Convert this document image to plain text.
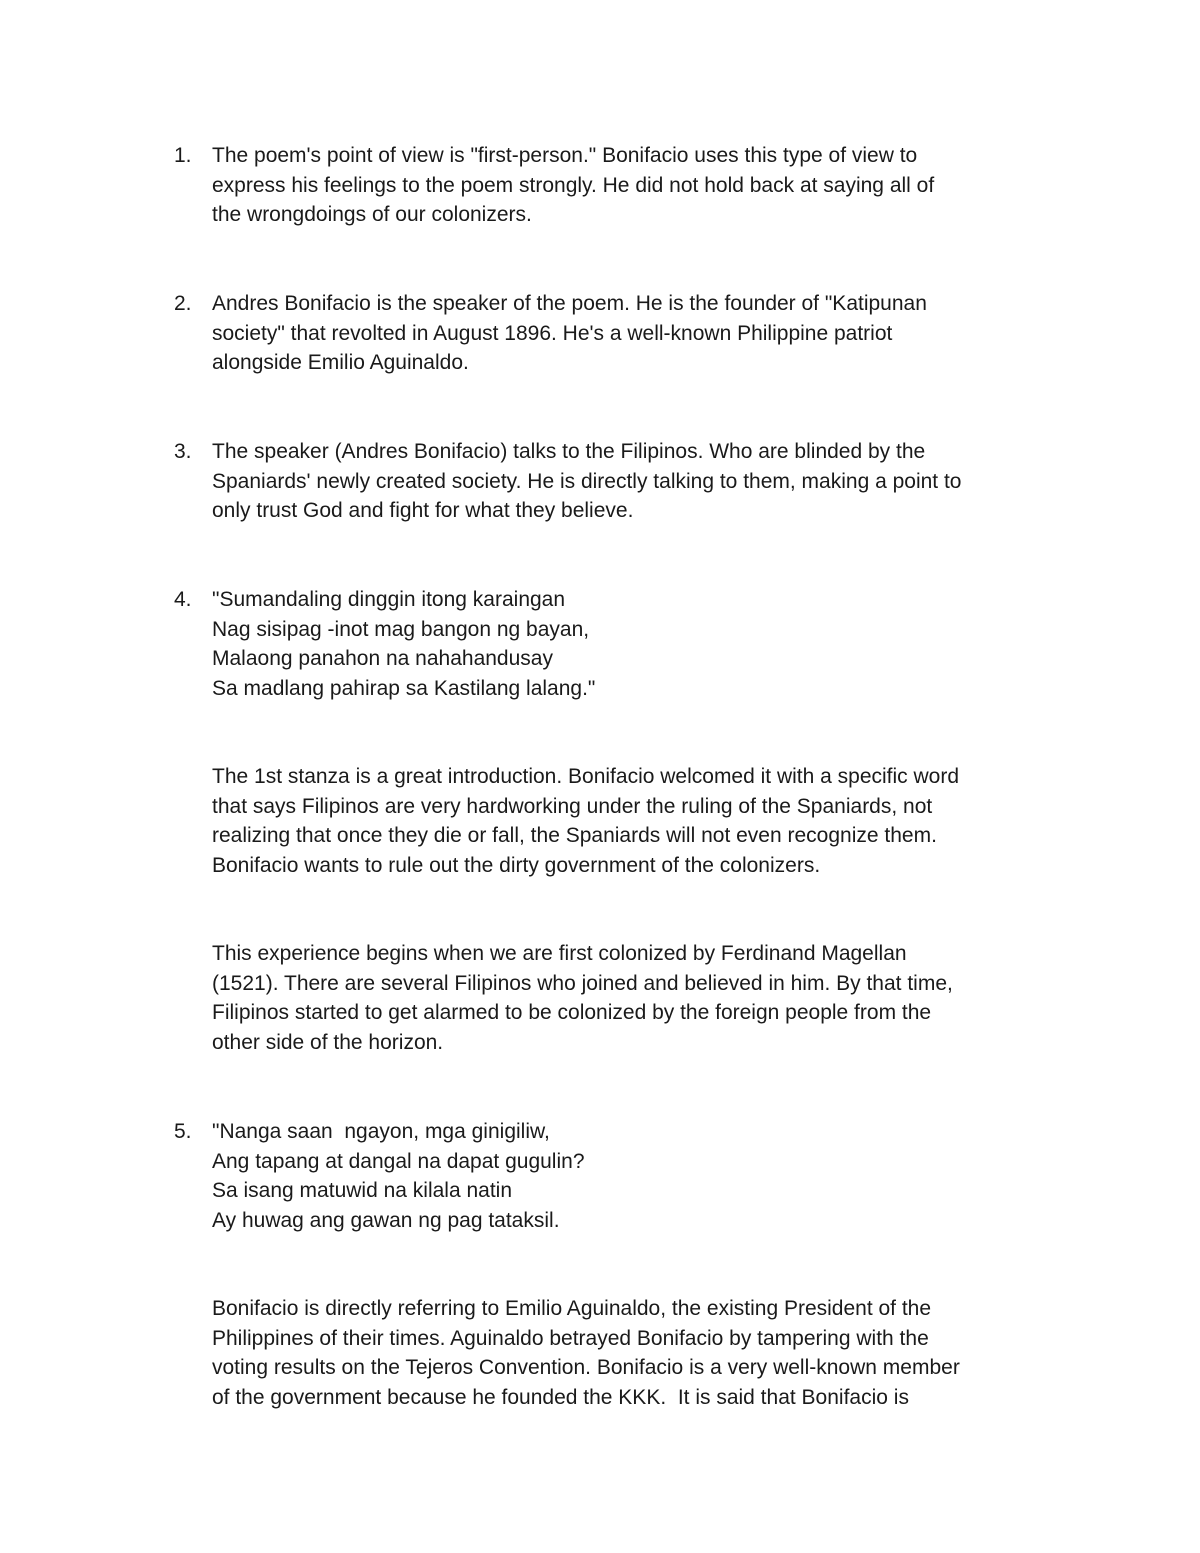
1. The poem's point of view is "first-person." Bonifacio uses this type of view to
express his feelings to the poem strongly. He did not hold back at saying all of
the wrongdoings of our colonizers.
2. Andres Bonifacio is the speaker of the poem. He is the founder of "Katipunan
society" that revolted in August 1896. He's a well-known Philippine patriot
alongside Emilio Aguinaldo.
3. The speaker (Andres Bonifacio) talks to the Filipinos. Who are blinded by the
Spaniards' newly created society. He is directly talking to them, making a point to
only trust God and fight for what they believe.
4. "Sumandaling dinggin itong karaingan
Nag sisipag -inot mag bangon ng bayan,
Malaong panahon na nahahandusay
Sa madlang pahirap sa Kastilang lalang."
The 1st stanza is a great introduction. Bonifacio welcomed it with a specific word
that says Filipinos are very hardworking under the ruling of the Spaniards, not
realizing that once they die or fall, the Spaniards will not even recognize them.
Bonifacio wants to rule out the dirty government of the colonizers.
This experience begins when we are first colonized by Ferdinand Magellan
(1521). There are several Filipinos who joined and believed in him. By that time,
Filipinos started to get alarmed to be colonized by the foreign people from the
other side of the horizon.
5. "Nanga saan  ngayon, mga ginigiliw,
Ang tapang at dangal na dapat gugulin?
Sa isang matuwid na kilala natin
Ay huwag ang gawan ng pag tataksil.
Bonifacio is directly referring to Emilio Aguinaldo, the existing President of the
Philippines of their times. Aguinaldo betrayed Bonifacio by tampering with the
voting results on the Tejeros Convention. Bonifacio is a very well-known member
of the government because he founded the KKK.  It is said that Bonifacio is
